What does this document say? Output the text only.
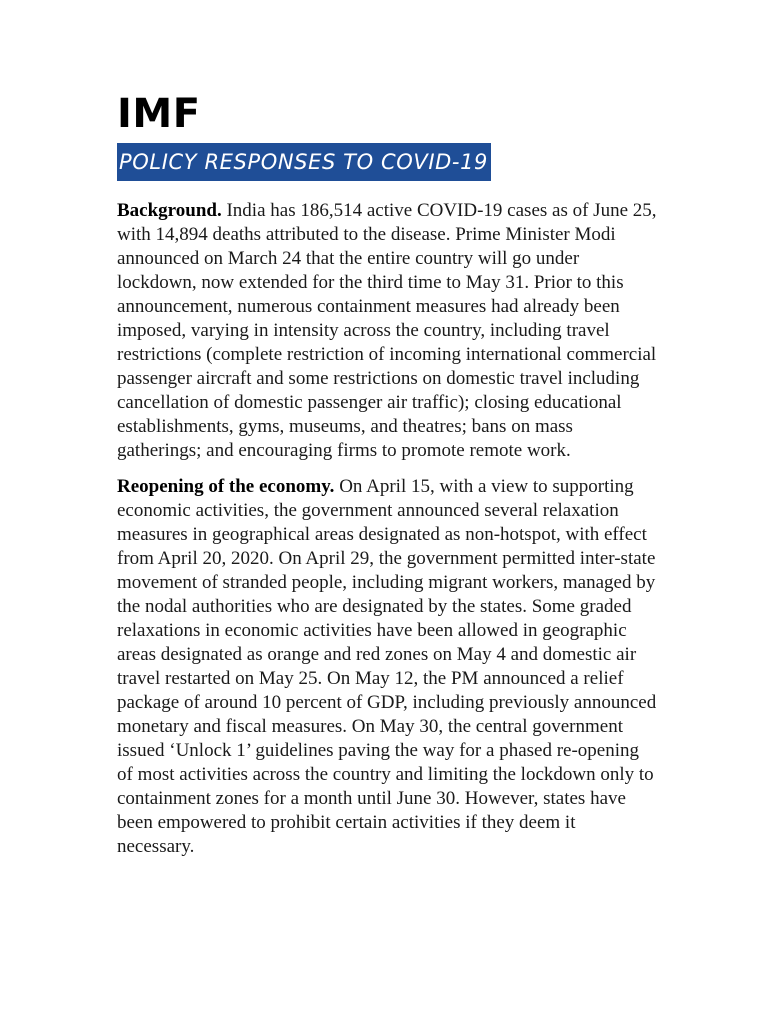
IMF
POLICY RESPONSES TO COVID-19

Background. India has 186,514 active COVID-19 cases as of June 25, with 14,894 deaths attributed to the disease. Prime Minister Modi announced on March 24 that the entire country will go under lockdown, now extended for the third time to May 31. Prior to this announcement, numerous containment measures had already been imposed, varying in intensity across the country, including travel restrictions (complete restriction of incoming international commercial passenger aircraft and some restrictions on domestic travel including cancellation of domestic passenger air traffic); closing educational establishments, gyms, museums, and theatres; bans on mass gatherings; and encouraging firms to promote remote work.

Reopening of the economy. On April 15, with a view to supporting economic activities, the government announced several relaxation measures in geographical areas designated as non-hotspot, with effect from April 20, 2020. On April 29, the government permitted inter-state movement of stranded people, including migrant workers, managed by the nodal authorities who are designated by the states. Some graded relaxations in economic activities have been allowed in geographic areas designated as orange and red zones on May 4 and domestic air travel restarted on May 25. On May 12, the PM announced a relief package of around 10 percent of GDP, including previously announced monetary and fiscal measures. On May 30, the central government issued ‘Unlock 1’ guidelines paving the way for a phased re-opening of most activities across the country and limiting the lockdown only to containment zones for a month until June 30. However, states have been empowered to prohibit certain activities if they deem it necessary.
